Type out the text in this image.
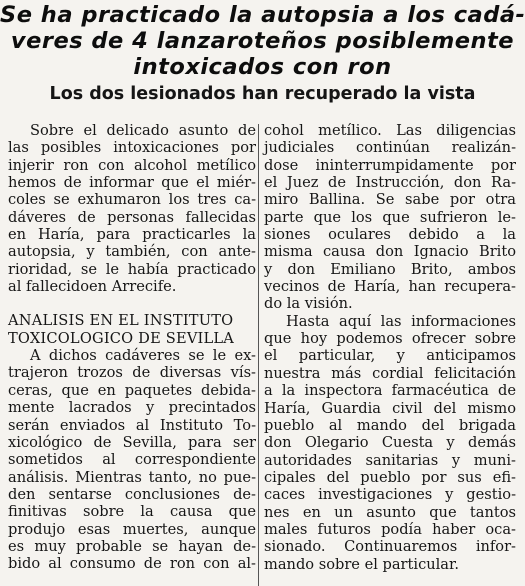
Se ha practicado la autopsia a los cadá-

veres de 4 lanzaroteños posiblemente

intoxicados con ron

Los dos lesionados han recuperado la vista

Sobre el delicado asunto de
las posibles intoxicaciones por
injerir ron con alcohol metílico
hemos de informar que el miér-
coles se exhumaron los tres ca-
dáveres de personas fallecidas
en Haría, para practicarles la
autopsia, y también, con ante-
rioridad, se le había practicado
al fallecidoen Arrecife.
ANALISIS EN EL INSTITUTO
TOXICOLOGICO DE SEVILLA
A dichos cadáveres se le ex-
trajeron trozos de diversas vís-
ceras, que en paquetes debida-
mente lacrados y precintados
serán enviados al Instituto To-
xicológico de Sevilla, para ser
sometidos al correspondiente
análisis. Mientras tanto, no pue-
den sentarse conclusiones de-
finitivas sobre la causa que
produjo esas muertes, aunque
es muy probable se hayan de-
bido al consumo de ron con al-
cohol metílico. Las diligencias
judiciales continúan realizán-
dose ininterrumpidamente por
el Juez de Instrucción, don Ra-
miro Ballina. Se sabe por otra
parte que los que sufrieron le-
siones oculares debido a la
misma causa don Ignacio Brito
y don Emiliano Brito, ambos
vecinos de Haría, han recupera-
do la visión.
Hasta aquí las informaciones
que hoy podemos ofrecer sobre
el particular, y anticipamos
nuestra más cordial felicitación
a la inspectora farmacéutica de
Haría, Guardia civil del mismo
pueblo al mando del brigada
don Olegario Cuesta y demás
autoridades sanitarias y muni-
cipales del pueblo por sus efi-
caces investigaciones y gestio-
nes en un asunto que tantos
males futuros podía haber oca-
sionado. Continuaremos infor-
mando sobre el particular.
